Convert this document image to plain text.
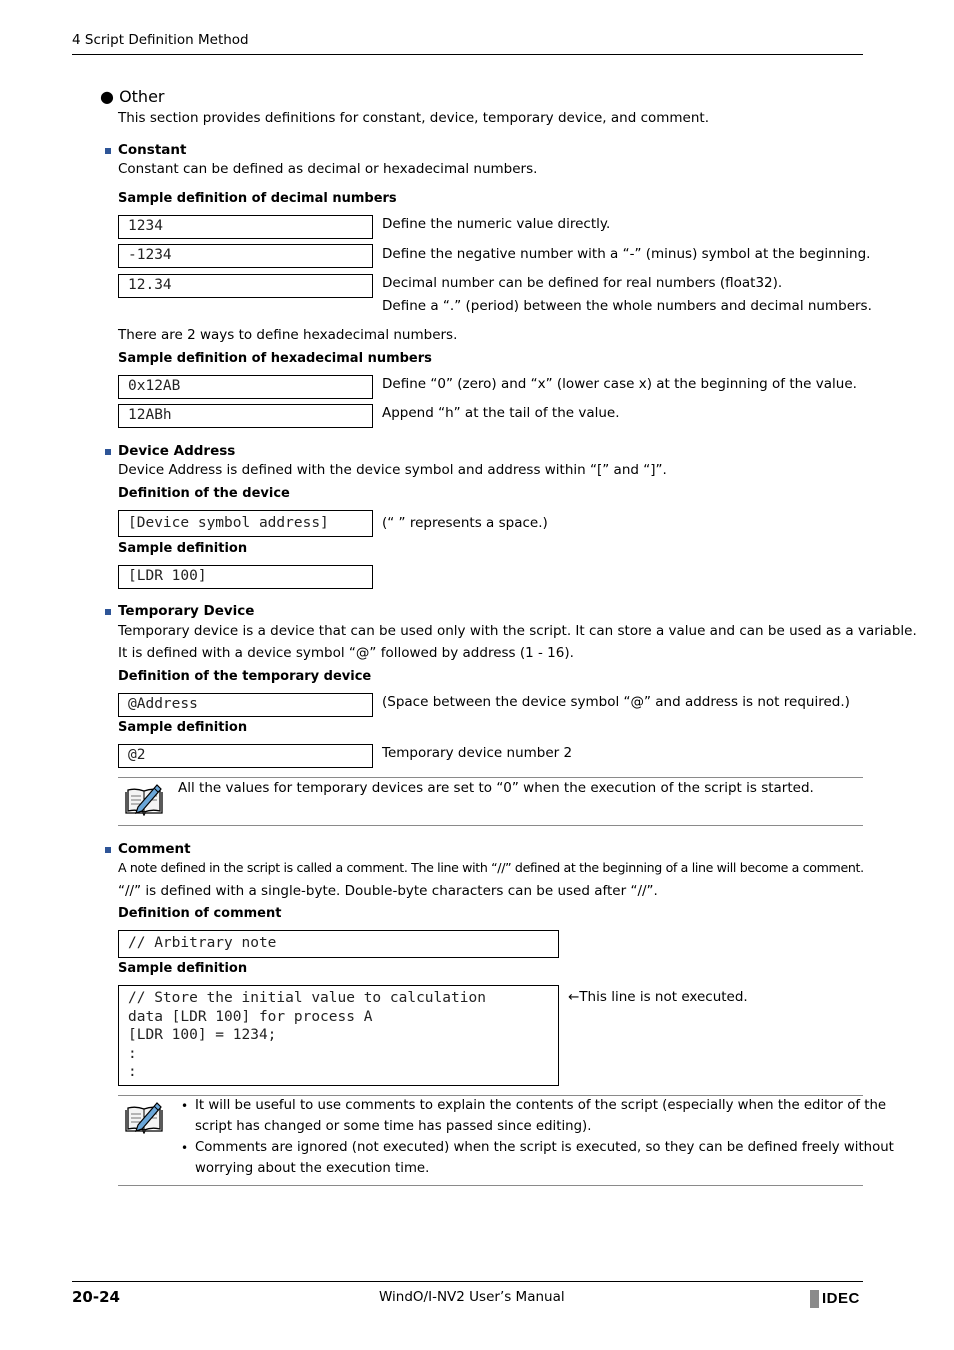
4 Script Definition Method
● Other
This section provides definitions for constant, device, temporary device, and comment.
Constant
Constant can be defined as decimal or hexadecimal numbers.
Sample definition of decimal numbers
1234	Define the numeric value directly.
-1234	Define the negative number with a “-” (minus) symbol at the beginning.
12.34	Decimal number can be defined for real numbers (float32).
Define a “.” (period) between the whole numbers and decimal numbers.
There are 2 ways to define hexadecimal numbers.
Sample definition of hexadecimal numbers
0x12AB	Define “0” (zero) and “x” (lower case x) at the beginning of the value.
12ABh	Append “h” at the tail of the value.
Device Address
Device Address is defined with the device symbol and address within “[” and “]”.
Definition of the device
[Device symbol address]	(“ ” represents a space.)
Sample definition
[LDR 100]
Temporary Device
Temporary device is a device that can be used only with the script. It can store a value and can be used as a variable.
It is defined with a device symbol “@” followed by address (1 - 16).
Definition of the temporary device
@Address	(Space between the device symbol “@” and address is not required.)
Sample definition
@2	Temporary device number 2
All the values for temporary devices are set to “0” when the execution of the script is started.
Comment
A note defined in the script is called a comment. The line with “//” defined at the beginning of a line will become a comment.
“//” is defined with a single-byte. Double-byte characters can be used after “//”.
Definition of comment
// Arbitrary note
Sample definition
// Store the initial value to calculation
data [LDR 100] for process A
[LDR 100] = 1234;
:
:
←This line is not executed.
• It will be useful to use comments to explain the contents of the script (especially when the editor of the
script has changed or some time has passed since editing).
• Comments are ignored (not executed) when the script is executed, so they can be defined freely without
worrying about the execution time.
20-24	WindO/I-NV2 User’s Manual	IDEC
